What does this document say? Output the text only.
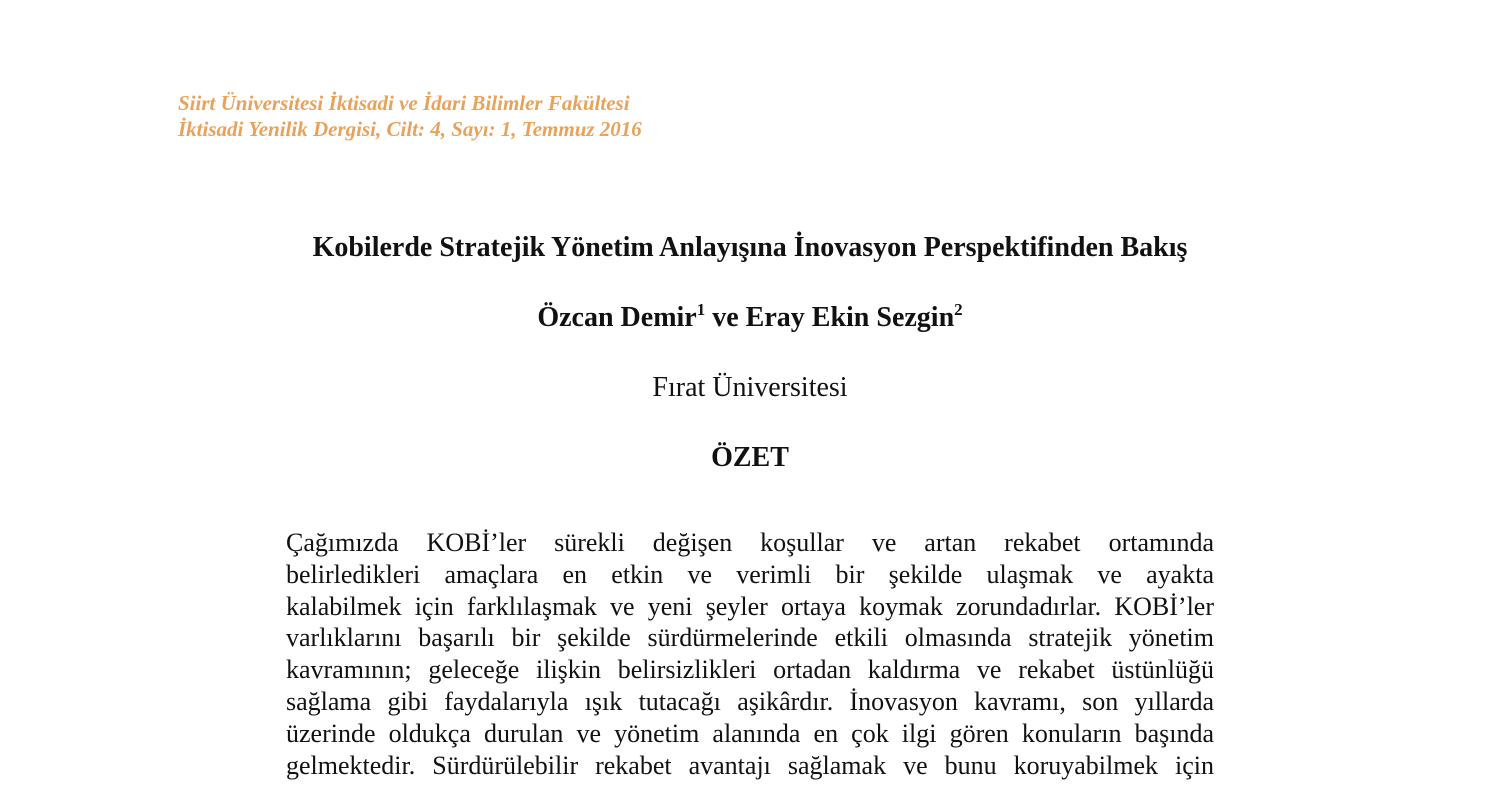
Siirt Üniversitesi İktisadi ve İdari Bilimler Fakültesi
İktisadi Yenilik Dergisi, Cilt: 4, Sayı: 1, Temmuz 2016
Kobilerde Stratejik Yönetim Anlayışına İnovasyon Perspektifinden Bakış
Özcan Demir$^1$ ve Eray Ekin Sezgin$^2$
Fırat Üniversitesi
ÖZET
Çağımızda KOBİ’ler sürekli değişen koşullar ve artan rekabet ortamında
belirledikleri amaçlara en etkin ve verimli bir şekilde ulaşmak ve ayakta
kalabilmek için farklılaşmak ve yeni şeyler ortaya koymak zorundadırlar. KOBİ’ler
varlıklarını başarılı bir şekilde sürdürmelerinde etkili olmasında stratejik yönetim
kavramının; geleceğe ilişkin belirsizlikleri ortadan kaldırma ve rekabet üstünlüğü
sağlama gibi faydalarıyla ışık tutacağı aşikârdır. İnovasyon kavramı, son yıllarda
üzerinde oldukça durulan ve yönetim alanında en çok ilgi gören konuların başında
gelmektedir. Sürdürülebilir rekabet avantajı sağlamak ve bunu koruyabilmek için
